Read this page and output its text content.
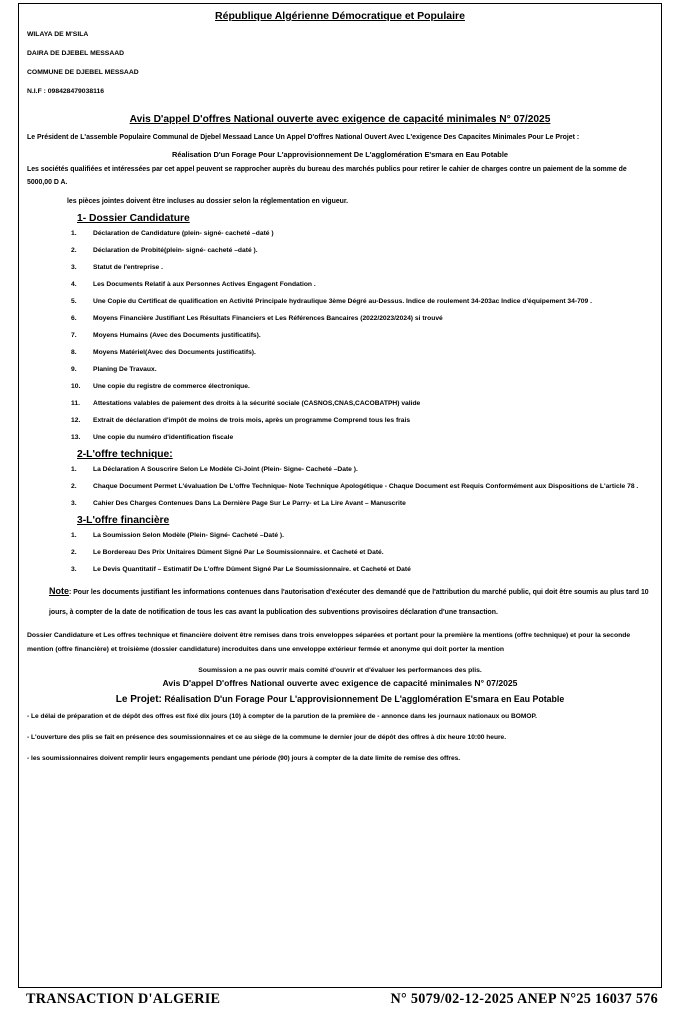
République Algérienne Démocratique et Populaire
WILAYA DE M'SILA
DAIRA DE DJEBEL MESSAAD
COMMUNE DE DJEBEL MESSAAD
N.I.F : 098428479038116
Avis D'appel D'offres National ouverte avec exigence de capacité minimales N° 07/2025

Le Président de L'assemble Populaire Communal de Djebel Messaad Lance Un Appel D'offres National Ouvert Avec L'exigence Des Capacites Minimales Pour Le Projet :

Réalisation D'un Forage Pour L'approvisionnement De L'agglomération E'smara en Eau Potable

Les sociétés qualifiées et intéressées par cet appel peuvent se rapprocher auprès du bureau des marchés publics pour retirer le cahier de charges contre un paiement de la somme de 5000,00 D A.

les pièces jointes doivent être incluses au dossier selon la réglementation en vigueur.

1- Dossier Candidature
1. Déclaration de Candidature (plein- signé- cacheté –daté )
2. Déclaration de Probité(plein- signé- cacheté –daté ).
3. Statut de l'entreprise .
4. Les Documents Relatif à aux Personnes Actives Engagent Fondation .
5. Une Copie du Certificat de qualification en Activité Principale hydraulique 3ème Dégré au-Dessus. Indice de roulement 34-203ac Indice d'équipement 34-709 .
6. Moyens Financière Justifiant Les Résultats Financiers et Les Références Bancaires (2022/2023/2024) si trouvé
7. Moyens Humains (Avec des Documents justificatifs).
8. Moyens Matériel(Avec des Documents justificatifs).
9. Planing De Travaux.
10. Une copie du registre de commerce électronique.
11. Attestations valables de paiement des droits à la sécurité sociale (CASNOS,CNAS,CACOBATPH) valide
12. Extrait de déclaration d'impôt de moins de trois mois, après un programme Comprend tous les frais
13. Une copie du numéro d'identification fiscale
2-L'offre technique:
1. La Déclaration A Souscrire Selon Le Modèle Ci-Joint (Plein- Signe- Cacheté –Date ).
2. Chaque Document Permet L'évaluation De L'offre Technique- Note Technique Apologétique - Chaque Document est Requis Conformément aux Dispositions de L'article 78 .
3. Cahier Des Charges Contenues Dans La Dernière Page Sur Le Parry- et La Lire Avant – Manuscrite
3-L'offre financière
1. La Soumission Selon Modèle (Plein- Signé- Cacheté –Daté ).
2. Le Bordereau Des Prix Unitaires Dûment Signé Par Le Soumissionnaire. et Cacheté et Daté.
3. Le Devis Quantitatif – Estimatif De L'offre Dûment Signé Par Le Soumissionnaire. et Cacheté et Daté

Note: Pour les documents justifiant les informations contenues dans l'autorisation d'exécuter des demandé que de l'attribution du marché public, qui doit être soumis au plus tard 10 jours, à compter de la date de notification de tous les cas avant la publication des subventions provisoires déclaration d'une transaction.

Dossier Candidature et Les offres technique et financière doivent être remises dans trois enveloppes séparées et portant pour la première la mentions (offre technique) et pour la seconde mention (offre financière) et troisième (dossier candidature) incroduites dans une enveloppe extérieur fermée et anonyme qui doit porter la mention

Soumission a ne pas ouvrir mais comité d'ouvrir et d'évaluer les performances des plis.
Avis D'appel D'offres National ouverte avec exigence de capacité minimales N° 07/2025
Le Projet: Réalisation D'un Forage Pour L'approvisionnement De L'agglomération E'smara en Eau Potable
- Le délai de préparation et de dépôt des offres est fixé dix jours (10) à compter de la parution de la première de - annonce dans les journaux nationaux ou BOMOP.
- L'ouverture des plis se fait en présence des soumissionnaires et ce au siège de la commune le dernier jour de dépôt des offres à dix heure 10:00 heure.
- les soumissionnaires doivent remplir leurs engagements pendant une période (90) jours à compter de la date limite de remise des offres.
TRANSACTION D'ALGERIE	N° 5079/02-12-2025 ANEP N°25 16037 576
